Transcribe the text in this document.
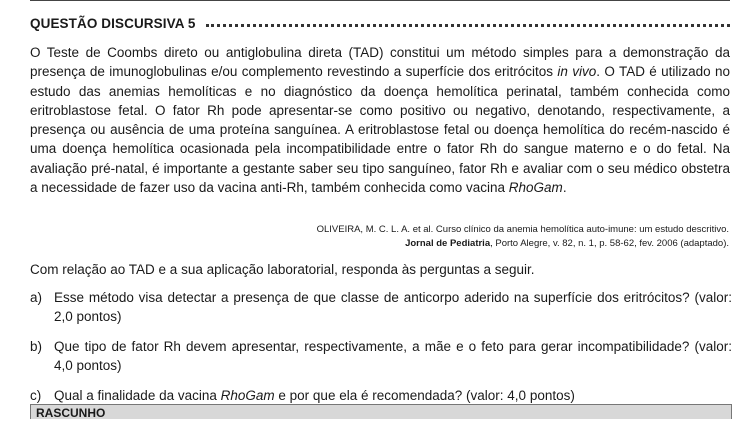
QUESTÃO DISCURSIVA 5

O Teste de Coombs direto ou antiglobulina direta (TAD) constitui um método simples para a demonstração da presença de imunoglobulinas e/ou complemento revestindo a superfície dos eritrócitos in vivo. O TAD é utilizado no estudo das anemias hemolíticas e no diagnóstico da doença hemolítica perinatal, também conhecida como eritroblastose fetal. O fator Rh pode apresentar-se como positivo ou negativo, denotando, respectivamente, a presença ou ausência de uma proteína sanguínea. A eritroblastose fetal ou doença hemolítica do recém-nascido é uma doença hemolítica ocasionada pela incompatibilidade entre o fator Rh do sangue materno e o do fetal. Na avaliação pré-natal, é importante a gestante saber seu tipo sanguíneo, fator Rh e avaliar com o seu médico obstetra a necessidade de fazer uso da vacina anti-Rh, também conhecida como vacina RhoGam.

OLIVEIRA, M. C. L. A. et al. Curso clínico da anemia hemolítica auto-imune: um estudo descritivo.
Jornal de Pediatria, Porto Alegre, v. 82, n. 1, p. 58-62, fev. 2006 (adaptado).

Com relação ao TAD e a sua aplicação laboratorial, responda às perguntas a seguir.

a) Esse método visa detectar a presença de que classe de anticorpo aderido na superfície dos eritrócitos? (valor: 2,0 pontos)
b) Que tipo de fator Rh devem apresentar, respectivamente, a mãe e o feto para gerar incompatibilidade? (valor: 4,0 pontos)
c) Qual a finalidade da vacina RhoGam e por que ela é recomendada? (valor: 4,0 pontos)
RASCUNHO
